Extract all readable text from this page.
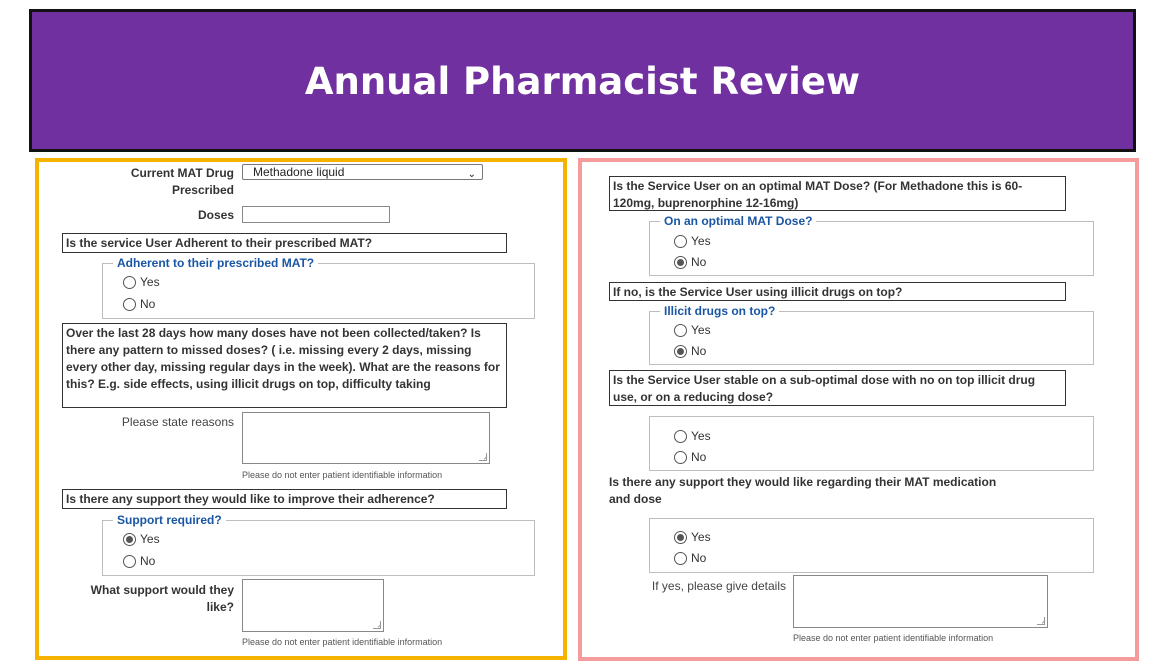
Annual Pharmacist Review
Current MAT Drug Prescribed
Methadone liquid	⌄
Doses
Is the service User Adherent to their prescribed MAT?
Adherent to their prescribed MAT?
Yes
No
Over the last 28 days how many doses have not been collected/taken? Is there any pattern to missed doses? ( i.e. missing every 2 days, missing every other day, missing regular days in the week). What are the reasons for this? E.g. side effects, using illicit drugs on top, difficulty taking
Please state reasons
Please do not enter patient identifiable information
Is there any support they would like to improve their adherence?
Support required?
Yes
No
What support would they like?
Please do not enter patient identifiable information
Is the Service User on an optimal MAT Dose? (For Methadone this is 60-120mg, buprenorphine 12-16mg)
On an optimal MAT Dose?
Yes
No
If no, is the Service User using illicit drugs on top?
Illicit drugs on top?
Yes
No
Is the Service User stable on a sub-optimal dose with no on top illicit drug use, or on a reducing dose?
Yes
No
Is there any support they would like regarding their MAT medication and dose
Yes
No
If yes, please give details
Please do not enter patient identifiable information
